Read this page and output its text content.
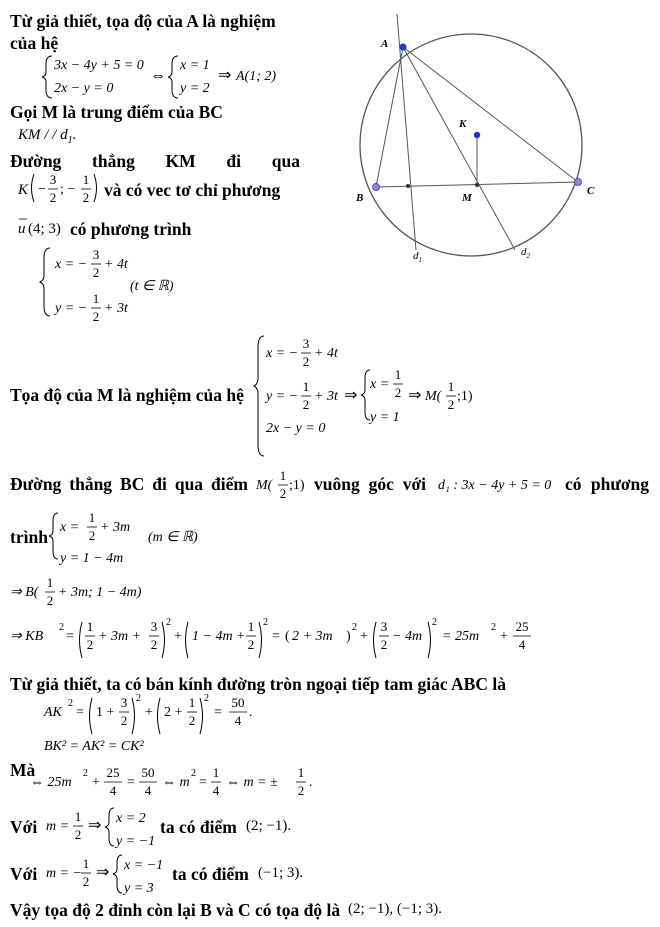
A
B
C
K
M
$d_1$
$d_2$
3x − 4y + 5 = 0
2x − y = 0
⇔
x = 1
y = 2
⇒ A(1; 2)
KM / / $d_1$.
K −
3
2
; −
1
2
u (4; 3)
x = −
3
2
+ 4t
y = −
1
2
+ 3t
(t ∈ ℝ)
x = −
3
2
+ 4t
y = −
1
2
+ 3t
2x − y = 0
⇒
x =
1
2
y = 1
⇒ M(
1
2
;1)
M(
1
2
;1)	d₁ : 3x − 4y + 5 = 0
x =
1
2
+ 3m
y = 1 − 4m
(m ∈ ℝ)
⇒ B(
1
2
+ 3m; 1 − 4m)
⇒ KB
2
=
1
2
+ 3m +
3
2
2
+ 1 − 4m +
1
2
2
= ( 2 + 3m )
2
+
3
2
− 4m
2
= 25m
2
+
25
4
AK
2
= 1 +
3
2
2
+ 2 +
1
2
2
=
50
4
.
BK² = AK² = CK²
⇔ 25m
2
+
25
4
=
50
4
⇔ m
2
=
1
4
⇔ m = ±
1
2
.
m =
1
2
⇒ x = 2
y = −1
(2; −1).
m = −
1
2
⇒ x = −1
y = 3
(−1; 3).
(2; −1), (−1; 3).
Từ giả thiết, tọa độ của A là nghiệm
của hệ
Gọi M là trung điểm của BC
Đường thẳng KM đi qua
và có vec tơ chỉ phương
có phương trình
Tọa độ của M là nghiệm của hệ
Đường thẳng BC đi qua điểm	vuông góc với	có phương
trình
Từ giả thiết, ta có bán kính đường tròn ngoại tiếp tam giác ABC là
Mà
Với	ta có điểm
Với	ta có điểm
Vậy tọa độ 2 đỉnh còn lại B và C có tọa độ là
